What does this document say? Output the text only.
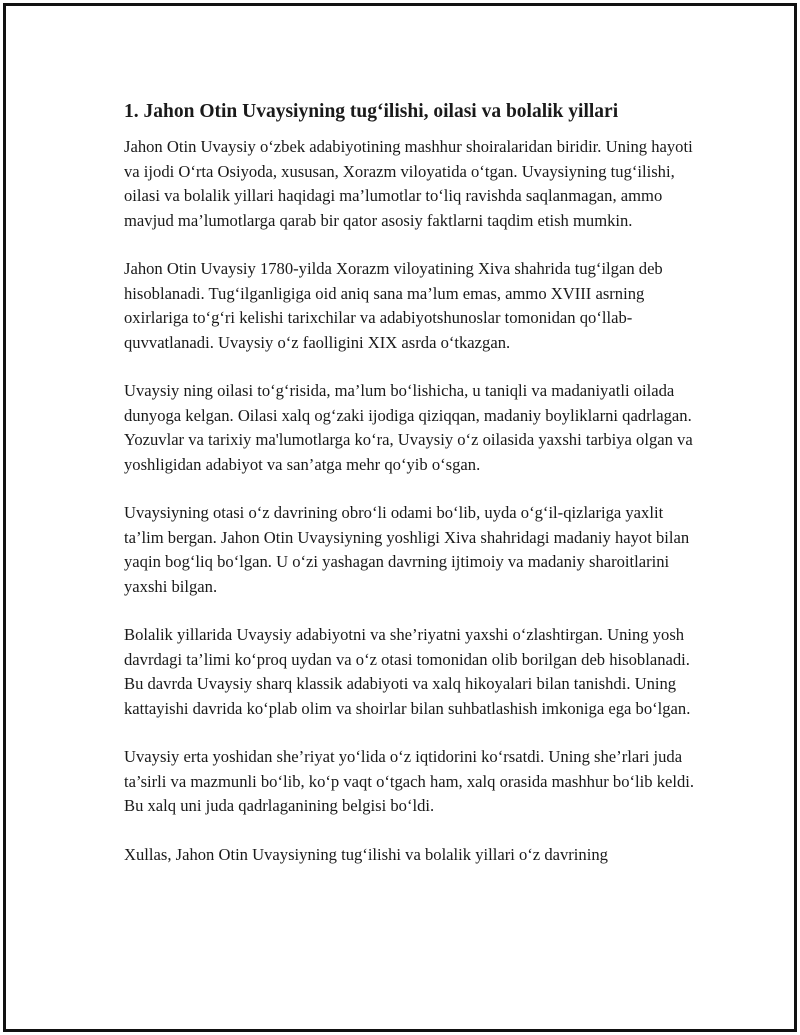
1. Jahon Otin Uvaysiyning tug‘ilishi, oilasi va bolalik yillari

Jahon Otin Uvaysiy o‘zbek adabiyotining mashhur shoiralaridan biridir. Uning hayoti va ijodi O‘rta Osiyoda, xususan, Xorazm viloyatida o‘tgan. Uvaysiyning tug‘ilishi, oilasi va bolalik yillari haqidagi ma’lumotlar to‘liq ravishda saqlanmagan, ammo mavjud ma’lumotlarga qarab bir qator asosiy faktlarni taqdim etish mumkin.

Jahon Otin Uvaysiy 1780-yilda Xorazm viloyatining Xiva shahrida tug‘ilgan deb hisoblanadi. Tug‘ilganligiga oid aniq sana ma’lum emas, ammo XVIII asrning oxirlariga to‘g‘ri kelishi tarixchilar va adabiyotshunoslar tomonidan qo‘llab-quvvatlanadi. Uvaysiy o‘z faolligini XIX asrda o‘tkazgan.

Uvaysiy ning oilasi to‘g‘risida, ma’lum bo‘lishicha, u taniqli va madaniyatli oilada dunyoga kelgan. Oilasi xalq og‘zaki ijodiga qiziqqan, madaniy boyliklarni qadrlagan. Yozuvlar va tarixiy ma'lumotlarga ko‘ra, Uvaysiy o‘z oilasida yaxshi tarbiya olgan va yoshligidan adabiyot va san’atga mehr qo‘yib o‘sgan.

Uvaysiyning otasi o‘z davrining obro‘li odami bo‘lib, uyda o‘g‘il-qizlariga yaxlit ta’lim bergan. Jahon Otin Uvaysiyning yoshligi Xiva shahridagi madaniy hayot bilan yaqin bog‘liq bo‘lgan. U o‘zi yashagan davrning ijtimoiy va madaniy sharoitlarini yaxshi bilgan.

Bolalik yillarida Uvaysiy adabiyotni va she’riyatni yaxshi o‘zlashtirgan. Uning yosh davrdagi ta’limi ko‘proq uydan va o‘z otasi tomonidan olib borilgan deb hisoblanadi. Bu davrda Uvaysiy sharq klassik adabiyoti va xalq hikoyalari bilan tanishdi. Uning kattayishi davrida ko‘plab olim va shoirlar bilan suhbatlashish imkoniga ega bo‘lgan.

Uvaysiy erta yoshidan she’riyat yo‘lida o‘z iqtidorini ko‘rsatdi. Uning she’rlari juda ta’sirli va mazmunli bo‘lib, ko‘p vaqt o‘tgach ham, xalq orasida mashhur bo‘lib keldi. Bu xalq uni juda qadrlaganining belgisi bo‘ldi.

Xullas, Jahon Otin Uvaysiyning tug‘ilishi va bolalik yillari o‘z davrining
